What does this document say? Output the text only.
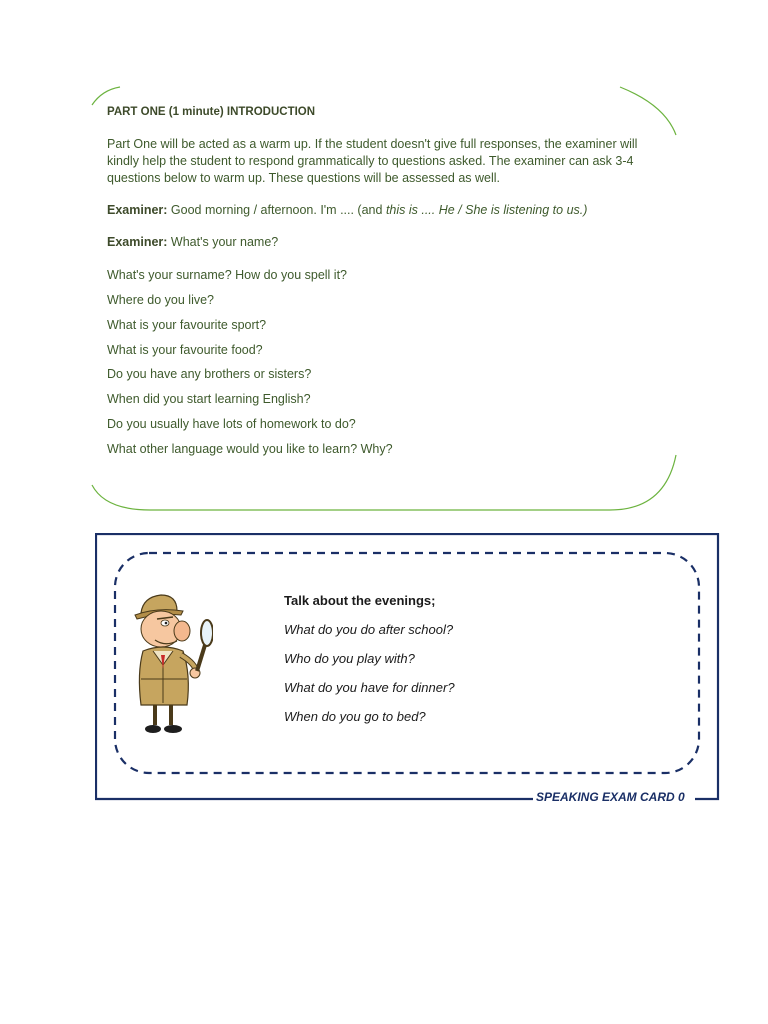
PART ONE (1 minute) INTRODUCTION
Part One will be acted as a warm up. If the student doesn't give full responses, the examiner will kindly help the student to respond grammatically to questions asked. The examiner can ask 3-4 questions below to warm up. These questions will be assessed as well.
Examiner: Good morning / afternoon. I'm .... (and this is .... He / She is listening to us.)
Examiner: What's your name?
What's your surname? How do you spell it?
Where do you live?
What is your favourite sport?
What is your favourite food?
Do you have any brothers or sisters?
When did you start learning English?
Do you usually have lots of homework to do?
What other language would you like to learn? Why?
Talk about the evenings;
What do you do after school?
Who do you play with?
What do you have for dinner?
When do you go to bed?
SPEAKING EXAM CARD 0
